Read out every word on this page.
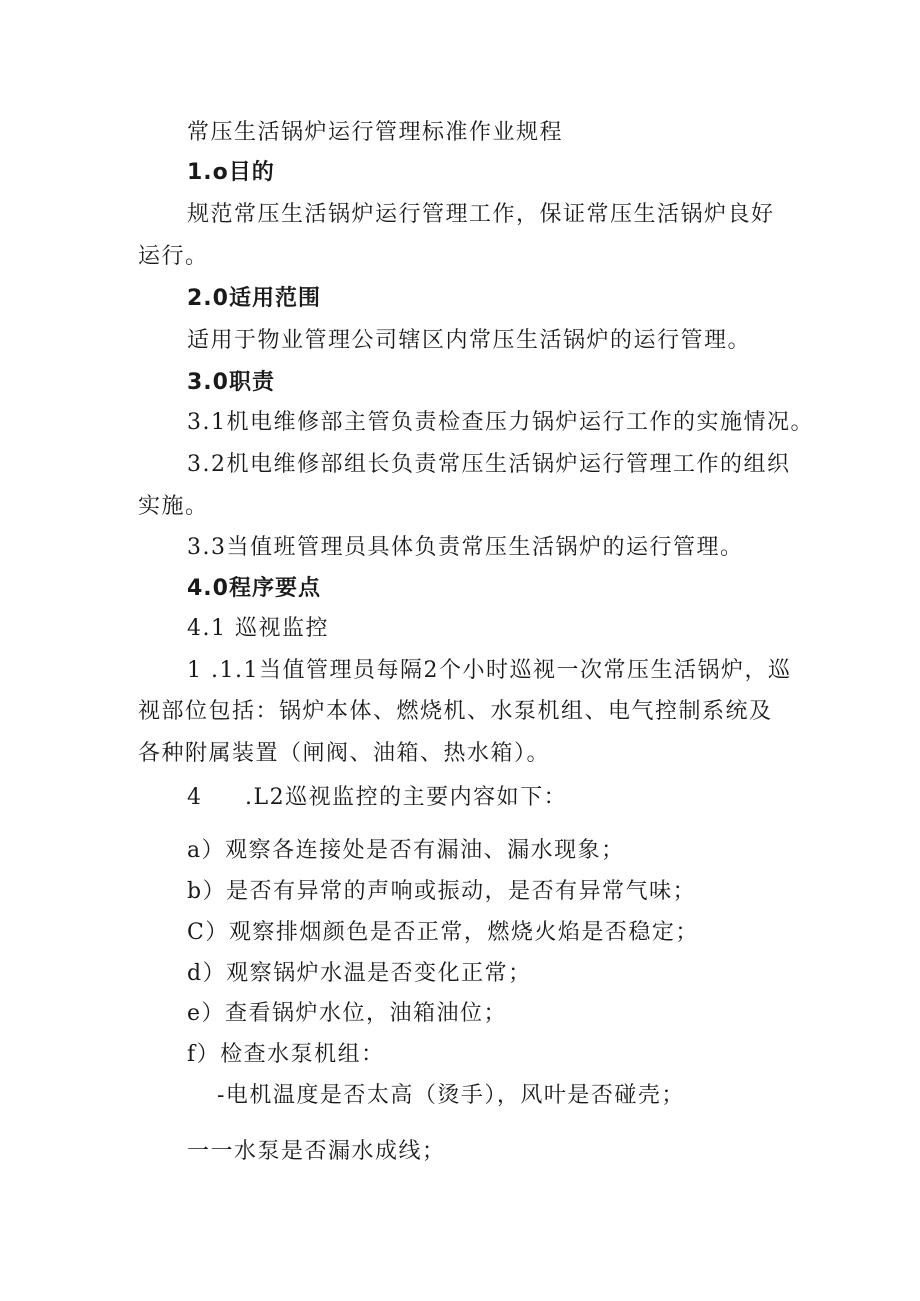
常压生活锅炉运行管理标准作业规程
1.o目的
规范常压生活锅炉运行管理工作，保证常压生活锅炉良好
运行。
2.0适用范围
适用于物业管理公司辖区内常压生活锅炉的运行管理。
3.0职责
3.1机电维修部主管负责检查压力锅炉运行工作的实施情况。
3.2机电维修部组长负责常压生活锅炉运行管理工作的组织
实施。
3.3当值班管理员具体负责常压生活锅炉的运行管理。
4.0程序要点
4.1 巡视监控
1 .1.1当值管理员每隔2个小时巡视一次常压生活锅炉，巡
视部位包括：锅炉本体、燃烧机、水泵机组、电气控制系统及
各种附属装置（闸阀、油箱、热水箱）。
4 .L2巡视监控的主要内容如下：
a）观察各连接处是否有漏油、漏水现象；
b）是否有异常的声响或振动，是否有异常气味；
C）观察排烟颜色是否正常，燃烧火焰是否稳定；
d）观察锅炉水温是否变化正常；
e）查看锅炉水位，油箱油位；
f）检查水泵机组：
-电机温度是否太高（烫手），风叶是否碰壳；
一一水泵是否漏水成线；
